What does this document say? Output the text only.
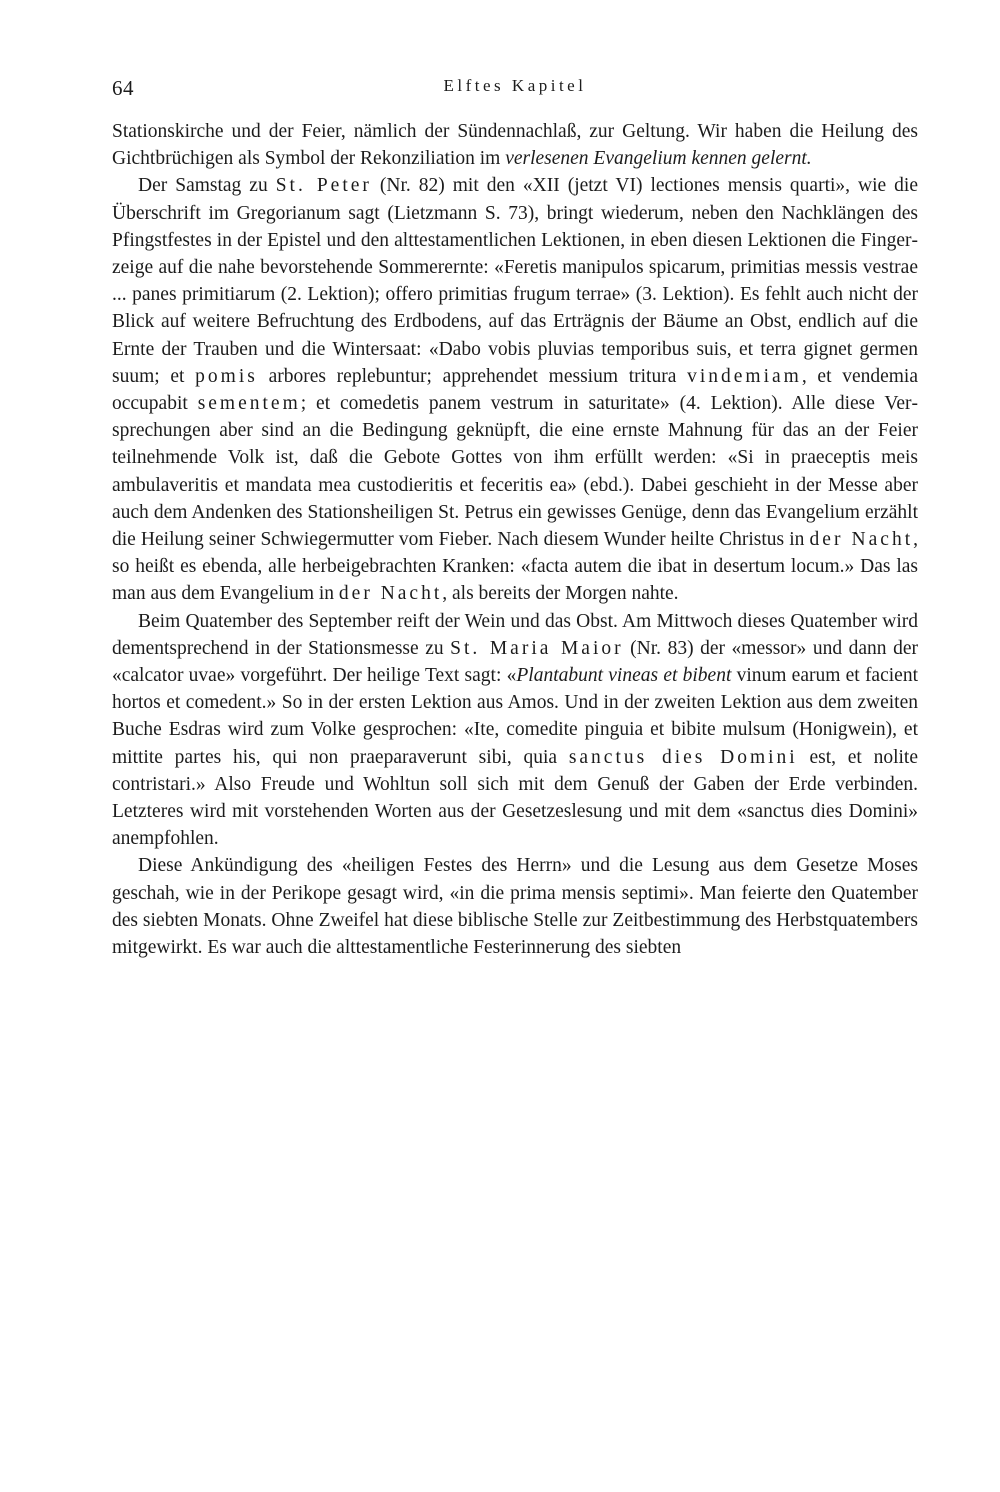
64	Elftes Kapitel

Stationskirche und der Feier, nämlich der Sündennachlaß, zur Geltung. Wir haben die Heilung des Gichtbrüchigen als Symbol der Rekonziliation im verlesenen Evangelium kennen gelernt.

Der Samstag zu St. Peter (Nr. 82) mit den «XII (jetzt VI) lectiones mensis quarti», wie die Überschrift im Gregorianum sagt (Lietzmann S. 73), bringt wiederum, neben den Nachklängen des Pfingstfestes in der Epistel und den alttestamentlichen Lektionen, in eben diesen Lektionen die Fingerzeige auf die nahe bevorstehende Sommerernte: «Feretis manipulos spicarum, primitias messis vestrae ... panes primitiarum (2. Lektion); offero primitias frugum terrae» (3. Lektion). Es fehlt auch nicht der Blick auf weitere Befruchtung des Erdbodens, auf das Erträgnis der Bäume an Obst, endlich auf die Ernte der Trauben und die Wintersaat: «Dabo vobis pluvias temporibus suis, et terra gignet germen suum; et pomis arbores replebuntur; apprehendet messium tritura vindemiam, et vendemia occupabit sementem; et comedetis panem vestrum in saturitate» (4. Lektion). Alle diese Versprechungen aber sind an die Bedingung geknüpft, die eine ernste Mahnung für das an der Feier teilnehmende Volk ist, daß die Gebote Gottes von ihm erfüllt werden: «Si in praeceptis meis ambulaveritis et mandata mea custodieritis et feceritis ea» (ebd.). Dabei geschieht in der Messe aber auch dem Andenken des Stationsheiligen St. Petrus ein gewisses Genüge, denn das Evangelium erzählt die Heilung seiner Schwiegermutter vom Fieber. Nach diesem Wunder heilte Christus in der Nacht, so heißt es ebenda, alle herbeigebrachten Kranken: «facta autem die ibat in desertum locum.» Das las man aus dem Evangelium in der Nacht, als bereits der Morgen nahte.

Beim Quatember des September reift der Wein und das Obst. Am Mittwoch dieses Quatember wird dementsprechend in der Stationsmesse zu St. Maria Maior (Nr. 83) der «messor» und dann der «calcator uvae» vorgeführt. Der heilige Text sagt: «Plantabunt vineas et bibent vinum earum et facient hortos et comedent.» So in der ersten Lektion aus Amos. Und in der zweiten Lektion aus dem zweiten Buche Esdras wird zum Volke gesprochen: «Ite, comedite pinguia et bibite mulsum (Honigwein), et mittite partes his, qui non praeparaverunt sibi, quia sanctus dies Domini est, et nolite contristari.» Also Freude und Wohltun soll sich mit dem Genuß der Gaben der Erde verbinden. Letzteres wird mit vorstehenden Worten aus der Gesetzeslesung und mit dem «sanctus dies Domini» anempfohlen.

Diese Ankündigung des «heiligen Festes des Herrn» und die Lesung aus dem Gesetze Moses geschah, wie in der Perikope gesagt wird, «in die prima mensis septimi». Man feierte den Quatember des siebten Monats. Ohne Zweifel hat diese biblische Stelle zur Zeitbestimmung des Herbstquatembers mitgewirkt. Es war auch die alttestamentliche Festerinnerung des siebten
